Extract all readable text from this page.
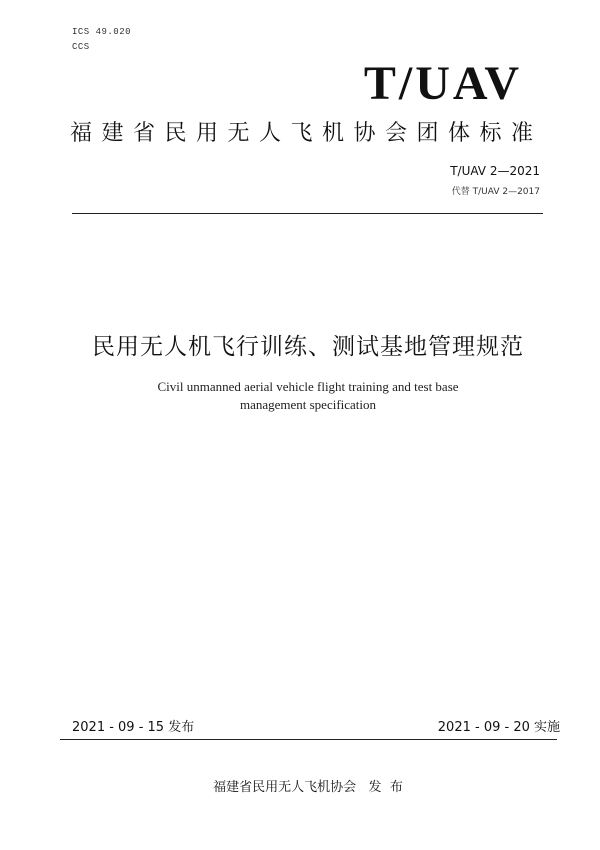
ICS 49.020
CCS
T/UAV
福建省民用无人飞机协会团体标准
T/UAV 2—2021
代替 T/UAV 2—2017
民用无人机飞行训练、测试基地管理规范
Civil unmanned aerial vehicle flight training and test base
management specification
2021 - 09 - 15 发布	2021 - 09 - 20 实施
福建省民用无人飞机协会   发  布
